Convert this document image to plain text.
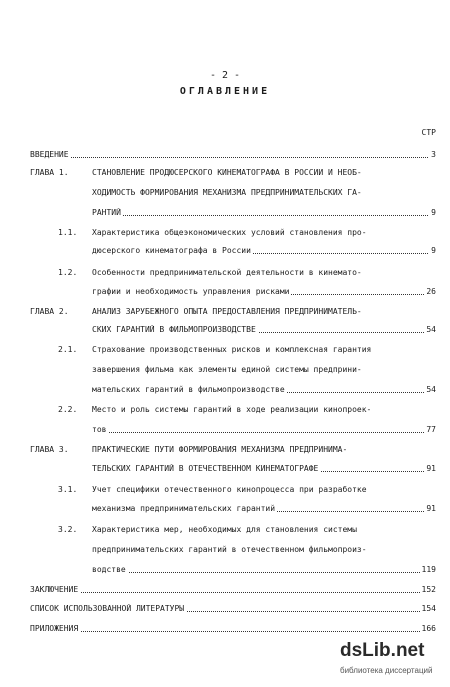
- 2 -
ОГЛАВЛЕНИЕ
СТР
ВВЕДЕНИЕ	3
ГЛАВА 1.	СТАНОВЛЕНИЕ ПРОДЮСЕРСКОГО КИНЕМАТОГРАФА В РОССИИ И НЕОБ-
ХОДИМОСТЬ ФОРМИРОВАНИЯ МЕХАНИЗМА ПРЕДПРИНИМАТЕЛЬСКИХ ГА-
РАНТИЙ	9
1.1. Характеристика общеэкономических условий становления про-
дюсерского кинематографа в России	9
1.2. Особенности предпринимательской деятельности в кинемато-
графии и необходимость управления рисками	26
ГЛАВА 2.	АНАЛИЗ ЗАРУБЕЖНОГО ОПЫТА ПРЕДОСТАВЛЕНИЯ ПРЕДПРИНИМАТЕЛЬ-
СКИХ ГАРАНТИЙ В ФИЛЬМОПРОИЗВОДСТВЕ	54
2.1. Страхование производственных рисков и комплексная гарантия
завершения фильма как элементы единой системы предприни-
мательских гарантий в фильмопроизводстве	54
2.2. Место и роль системы гарантий в ходе реализации кинопроек-
тов	77
ГЛАВА 3.	ПРАКТИЧЕСКИЕ ПУТИ ФОРМИРОВАНИЯ МЕХАНИЗМА ПРЕДПРИНИМА-
ТЕЛЬСКИХ ГАРАНТИЙ В ОТЕЧЕСТВЕННОМ КИНЕМАТОГРАФЕ	91
3.1. Учет специфики отечественного кинопроцесса при разработке
механизма предпринимательских гарантий	91
3.2. Характеристика мер, необходимых для становления системы
предпринимательских гарантий в отечественном фильмопроиз-
водстве	119
ЗАКЛЮЧЕНИЕ	152
СПИСОК ИСПОЛЬЗОВАННОЙ ЛИТЕРАТУРЫ	154
ПРИЛОЖЕНИЯ	166
dsLib.net
библиотека диссертаций
